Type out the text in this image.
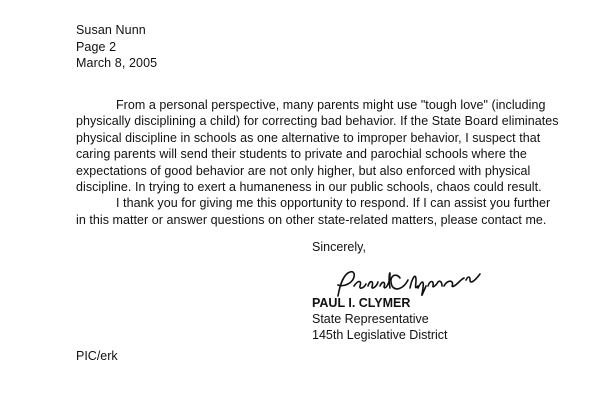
Susan Nunn
Page 2
March 8, 2005
From a personal perspective, many parents might use "tough love" (including
physically disciplining a child) for correcting bad behavior. If the State Board eliminates
physical discipline in schools as one alternative to improper behavior, I suspect that
caring parents will send their students to private and parochial schools where the
expectations of good behavior are not only higher, but also enforced with physical
discipline. In trying to exert a humaneness in our public schools, chaos could result.
I thank you for giving me this opportunity to respond. If I can assist you further
in this matter or answer questions on other state-related matters, please contact me.
Sincerely,
PAUL I. CLYMER
State Representative
145th Legislative District
PIC/erk
